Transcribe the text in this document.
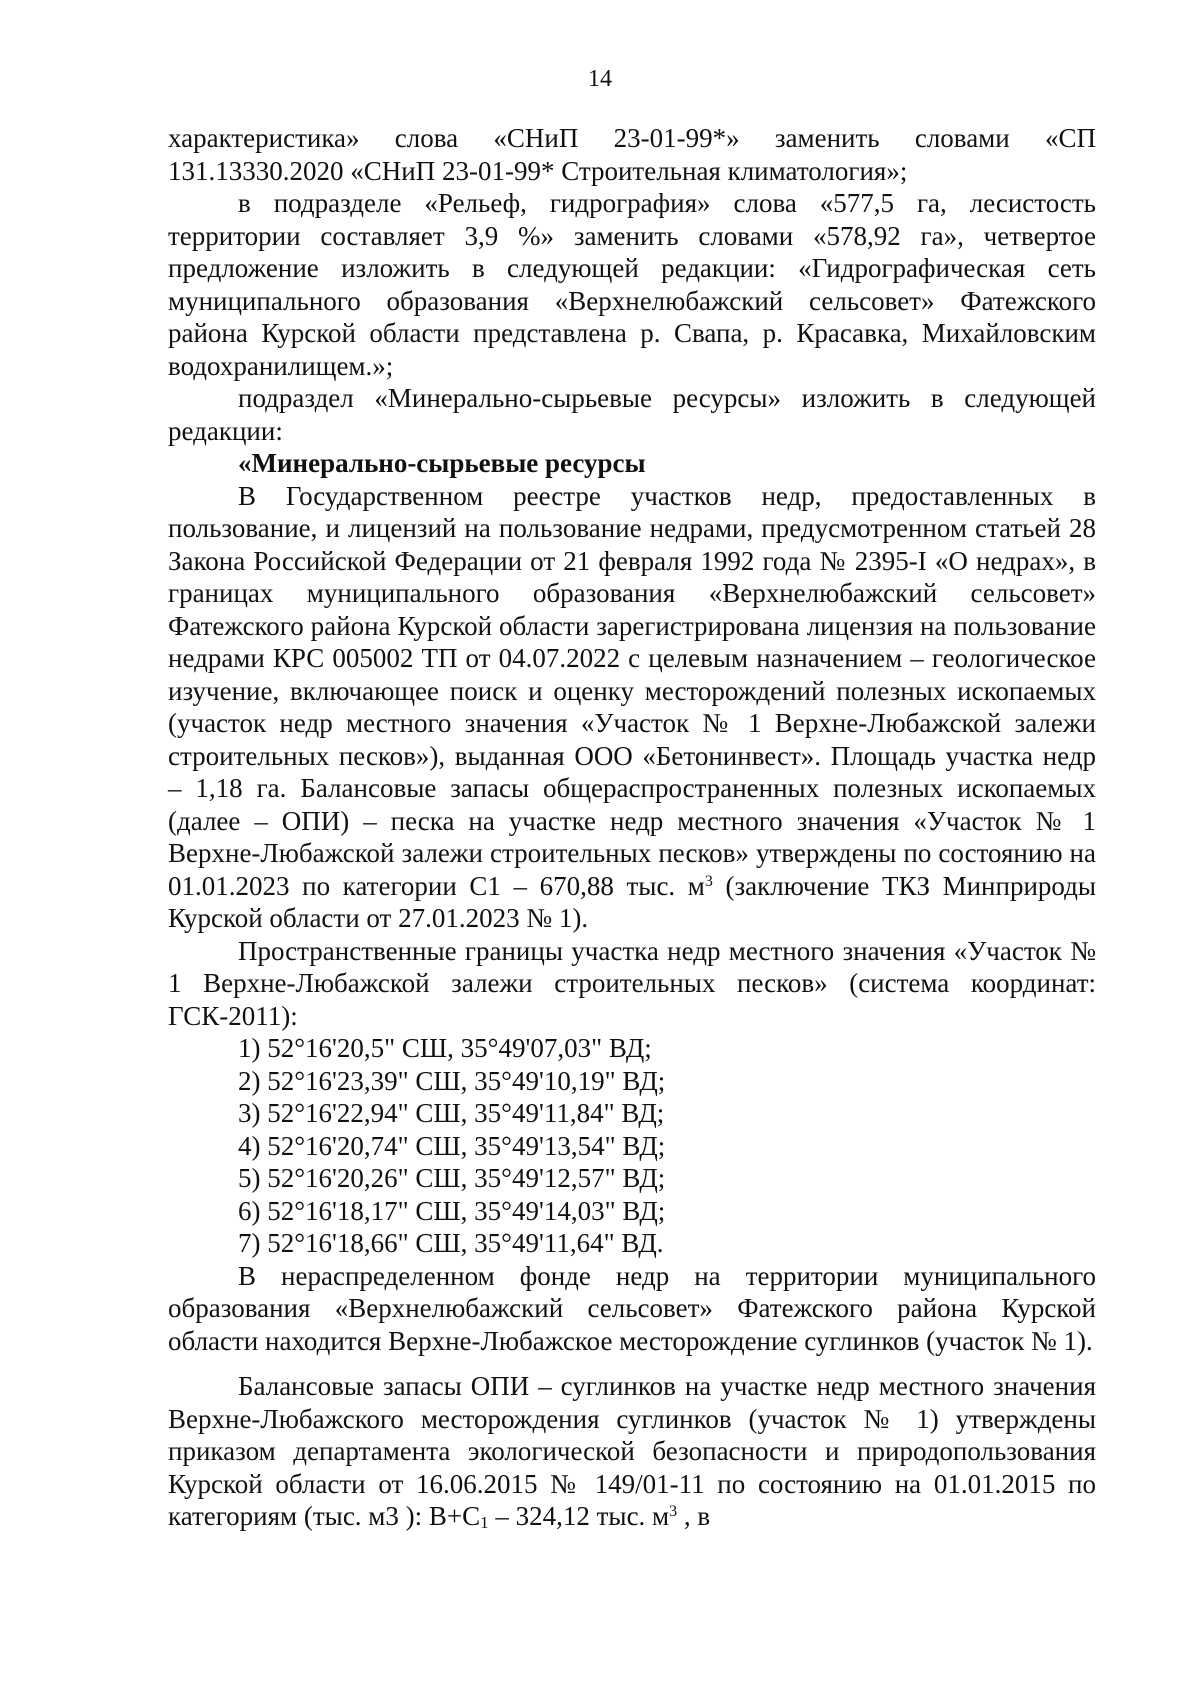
14

характеристика» слова «СНиП 23-01-99*» заменить словами «СП 131.13330.2020 «СНиП 23-01-99* Строительная климатология»;

в подразделе «Рельеф, гидрография» слова «577,5 га, лесистость территории составляет 3,9 %» заменить словами «578,92 га», четвертое предложение изложить в следующей редакции: «Гидрографическая сеть муниципального образования «Верхнелюбажский сельсовет» Фатежского района Курской области представлена р. Свапа, р. Красавка, Михайловским водохранилищем.»;

подраздел «Минерально-сырьевые ресурсы» изложить в следующей редакции:

«Минерально-сырьевые ресурсы

В Государственном реестре участков недр, предоставленных в пользование, и лицензий на пользование недрами, предусмотренном статьей 28 Закона Российской Федерации от 21 февраля 1992 года № 2395-I «О недрах», в границах муниципального образования «Верхнелюбажский сельсовет» Фатежского района Курской области зарегистрирована лицензия на пользование недрами КРС 005002 ТП от 04.07.2022 с целевым назначением – геологическое изучение, включающее поиск и оценку месторождений полезных ископаемых (участок недр местного значения «Участок № 1 Верхне-Любажской залежи строительных песков»), выданная ООО «Бетонинвест». Площадь участка недр – 1,18 га. Балансовые запасы общераспространенных полезных ископаемых (далее – ОПИ) – песка на участке недр местного значения «Участок № 1 Верхне-Любажской залежи строительных песков» утверждены по состоянию на 01.01.2023 по категории С1 – 670,88 тыс. $м^3$ (заключение ТКЗ Минприроды Курской области от 27.01.2023 № 1).

Пространственные границы участка недр местного значения «Участок № 1 Верхне-Любажской залежи строительных песков» (система координат: ГСК-2011):

1) 52°16'20,5" СШ, 35°49'07,03" ВД;
2) 52°16'23,39" СШ, 35°49'10,19" ВД;
3) 52°16'22,94" СШ, 35°49'11,84" ВД;
4) 52°16'20,74" СШ, 35°49'13,54" ВД;
5) 52°16'20,26" СШ, 35°49'12,57" ВД;
6) 52°16'18,17" СШ, 35°49'14,03" ВД;
7) 52°16'18,66" СШ, 35°49'11,64" ВД.

В нераспределенном фонде недр на территории муниципального образования «Верхнелюбажский сельсовет» Фатежского района Курской области находится Верхне-Любажское месторождение суглинков (участок № 1).

Балансовые запасы ОПИ – суглинков на участке недр местного значения Верхне-Любажского месторождения суглинков (участок № 1) утверждены приказом департамента экологической безопасности и природопользования Курской области от 16.06.2015 № 149/01-11 по состоянию на 01.01.2015 по категориям (тыс. м3 ): $В+С_1 - 324,12$ тыс. $м^3$ , в
